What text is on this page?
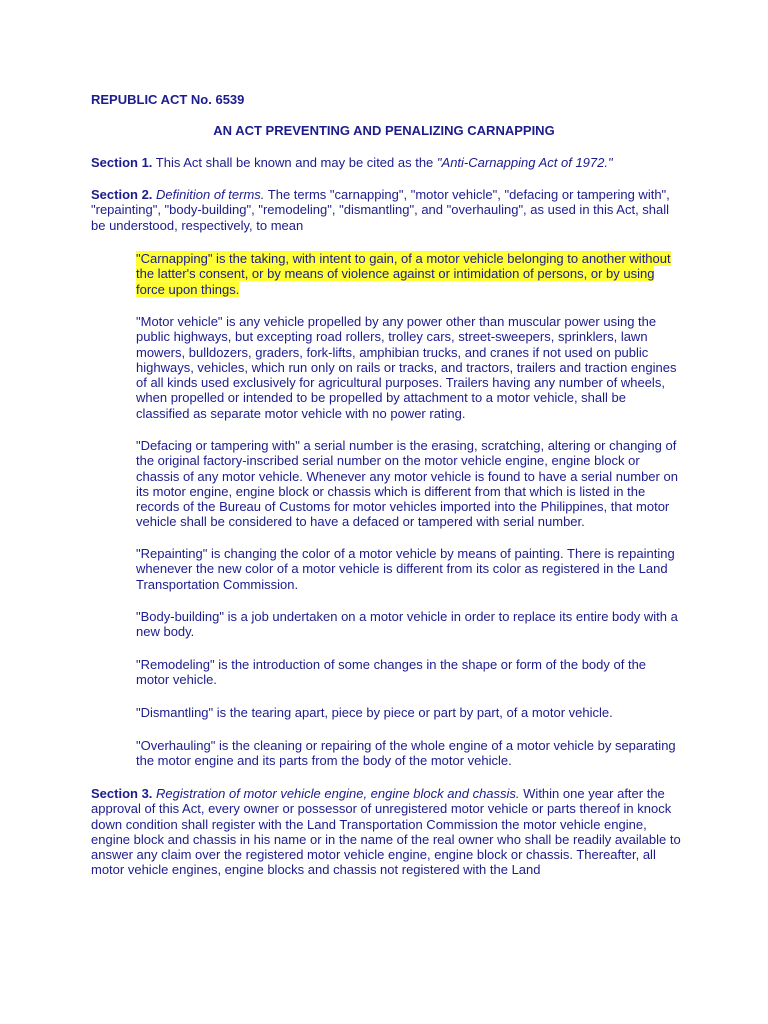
REPUBLIC ACT No. 6539
AN ACT PREVENTING AND PENALIZING CARNAPPING

Section 1. This Act shall be known and may be cited as the "Anti-Carnapping Act of 1972."

Section 2. Definition of terms. The terms "carnapping", "motor vehicle", "defacing or tampering with", "repainting", "body-building", "remodeling", "dismantling", and "overhauling", as used in this Act, shall be understood, respectively, to mean

"Carnapping" is the taking, with intent to gain, of a motor vehicle belonging to another without the latter's consent, or by means of violence against or intimidation of persons, or by using force upon things.

"Motor vehicle" is any vehicle propelled by any power other than muscular power using the public highways, but excepting road rollers, trolley cars, street-sweepers, sprinklers, lawn mowers, bulldozers, graders, fork-lifts, amphibian trucks, and cranes if not used on public highways, vehicles, which run only on rails or tracks, and tractors, trailers and traction engines of all kinds used exclusively for agricultural purposes. Trailers having any number of wheels, when propelled or intended to be propelled by attachment to a motor vehicle, shall be classified as separate motor vehicle with no power rating.

"Defacing or tampering with" a serial number is the erasing, scratching, altering or changing of the original factory-inscribed serial number on the motor vehicle engine, engine block or chassis of any motor vehicle. Whenever any motor vehicle is found to have a serial number on its motor engine, engine block or chassis which is different from that which is listed in the records of the Bureau of Customs for motor vehicles imported into the Philippines, that motor vehicle shall be considered to have a defaced or tampered with serial number.

"Repainting" is changing the color of a motor vehicle by means of painting. There is repainting whenever the new color of a motor vehicle is different from its color as registered in the Land Transportation Commission.

"Body-building" is a job undertaken on a motor vehicle in order to replace its entire body with a new body.

"Remodeling" is the introduction of some changes in the shape or form of the body of the motor vehicle.

"Dismantling" is the tearing apart, piece by piece or part by part, of a motor vehicle.

"Overhauling" is the cleaning or repairing of the whole engine of a motor vehicle by separating the motor engine and its parts from the body of the motor vehicle.

Section 3. Registration of motor vehicle engine, engine block and chassis. Within one year after the approval of this Act, every owner or possessor of unregistered motor vehicle or parts thereof in knock down condition shall register with the Land Transportation Commission the motor vehicle engine, engine block and chassis in his name or in the name of the real owner who shall be readily available to answer any claim over the registered motor vehicle engine, engine block or chassis. Thereafter, all motor vehicle engines, engine blocks and chassis not registered with the Land
